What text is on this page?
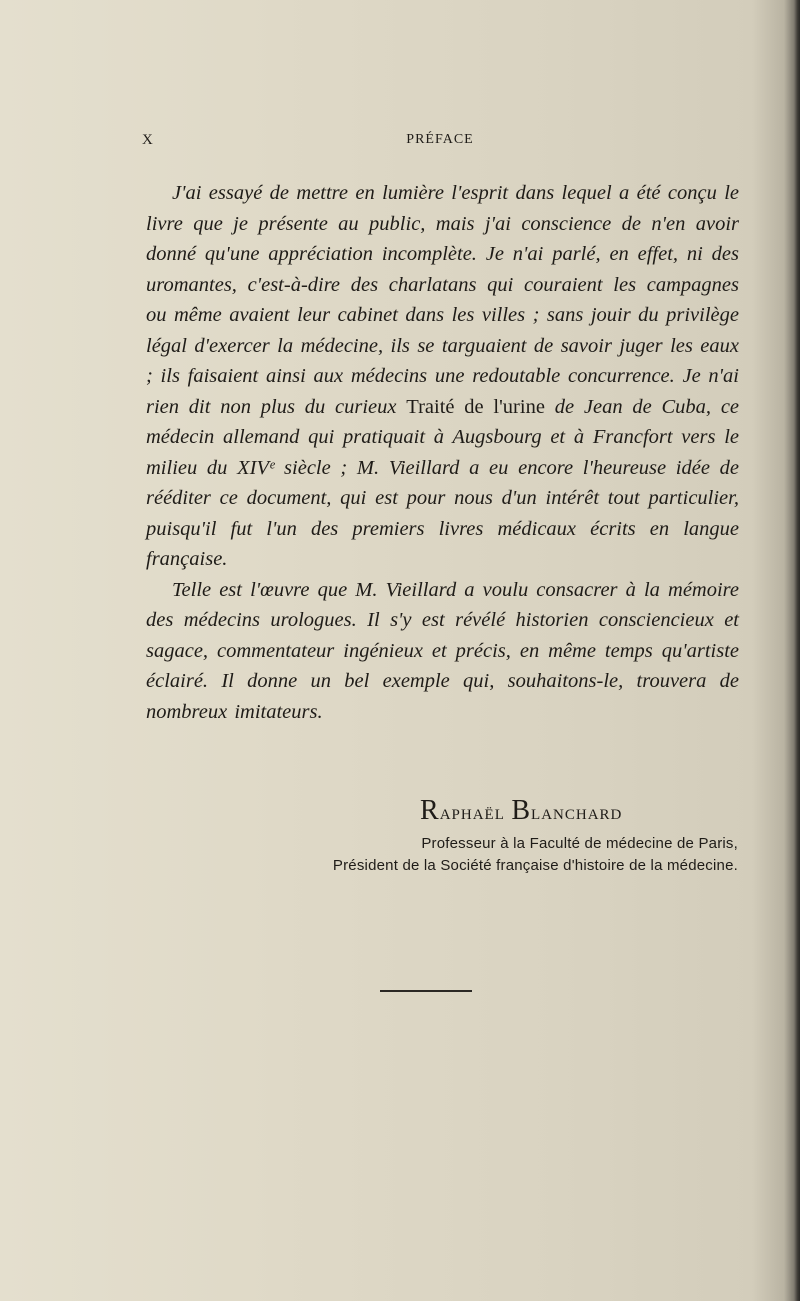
X	PRÉFACE

J'ai essayé de mettre en lumière l'esprit dans lequel a été conçu le livre que je présente au public, mais j'ai conscience de n'en avoir donné qu'une appréciation incomplète. Je n'ai parlé, en effet, ni des uromantes, c'est-à-dire des charlatans qui couraient les campagnes ou même avaient leur cabinet dans les villes ; sans jouir du privilège légal d'exercer la médecine, ils se targuaient de savoir juger les eaux ; ils faisaient ainsi aux médecins une redoutable concurrence. Je n'ai rien dit non plus du curieux Traité de l'urine de Jean de Cuba, ce médecin allemand qui pratiquait à Augsbourg et à Francfort vers le milieu du XIVᵉ siècle ; M. Vieillard a eu encore l'heureuse idée de rééditer ce document, qui est pour nous d'un intérêt tout particulier, puisqu'il fut l'un des premiers livres médicaux écrits en langue française.

Telle est l'œuvre que M. Vieillard a voulu consacrer à la mémoire des médecins urologues. Il s'y est révélé historien consciencieux et sagace, commentateur ingénieux et précis, en même temps qu'artiste éclairé. Il donne un bel exemple qui, souhaitons-le, trouvera de nombreux imitateurs.

Raphaël Blanchard
Professeur à la Faculté de médecine de Paris,
Président de la Société française d'histoire de la médecine.
